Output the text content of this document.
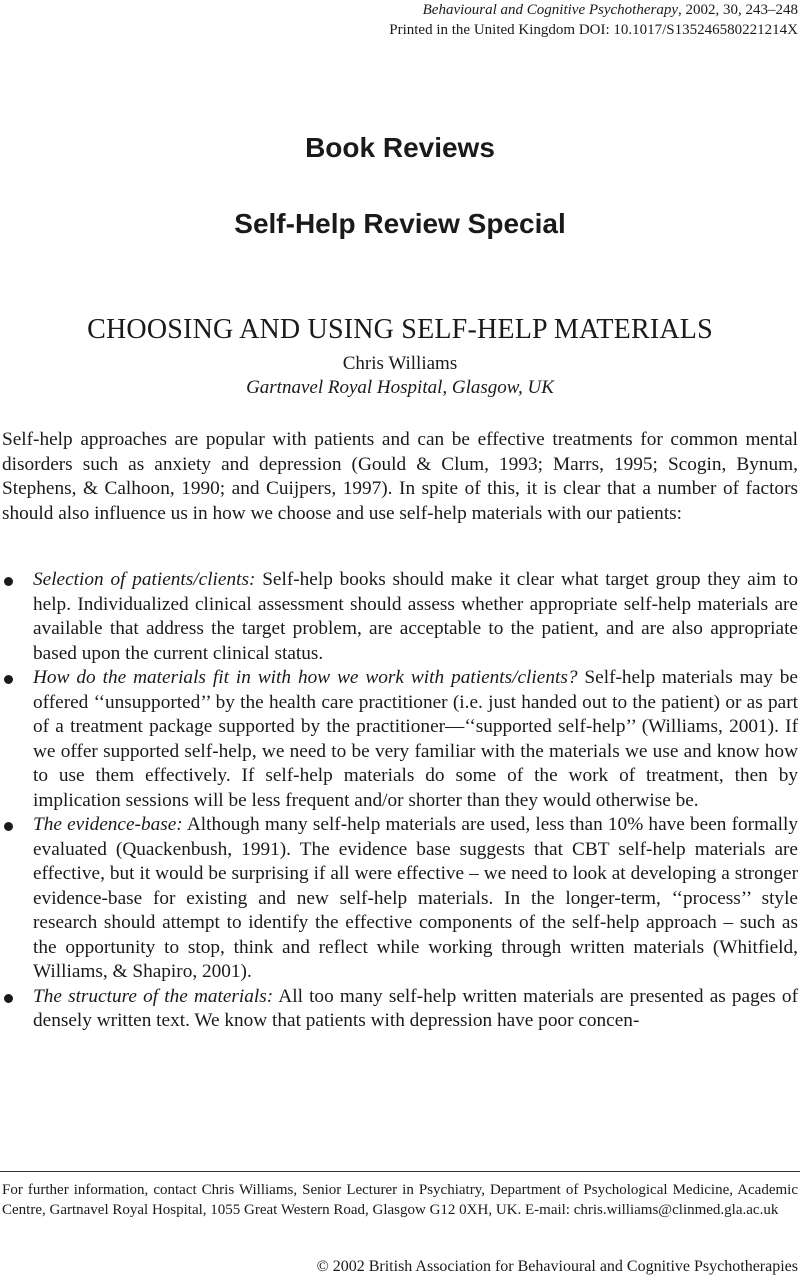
Behavioural and Cognitive Psychotherapy, 2002, 30, 243–248
Printed in the United Kingdom DOI: 10.1017/S135246580221214X
Book Reviews
Self-Help Review Special
CHOOSING AND USING SELF-HELP MATERIALS
Chris Williams
Gartnavel Royal Hospital, Glasgow, UK

Self-help approaches are popular with patients and can be effective treatments for common mental disorders such as anxiety and depression (Gould & Clum, 1993; Marrs, 1995; Scogin, Bynum, Stephens, & Calhoon, 1990; and Cuijpers, 1997). In spite of this, it is clear that a number of factors should also influence us in how we choose and use self-help materials with our patients:

Selection of patients/clients: Self-help books should make it clear what target group they aim to help. Individualized clinical assessment should assess whether appropriate self-help materials are available that address the target problem, are acceptable to the patient, and are also appropriate based upon the current clinical status.
How do the materials fit in with how we work with patients/clients? Self-help materials may be offered ‘‘unsupported’’ by the health care practitioner (i.e. just handed out to the patient) or as part of a treatment package supported by the practitioner—‘‘supported self-help’’ (Williams, 2001). If we offer supported self-help, we need to be very familiar with the materials we use and know how to use them effectively. If self-help materials do some of the work of treatment, then by implication sessions will be less frequent and/or shorter than they would otherwise be.
The evidence-base: Although many self-help materials are used, less than 10% have been formally evaluated (Quackenbush, 1991). The evidence base suggests that CBT self-help materials are effective, but it would be surprising if all were effective – we need to look at developing a stronger evidence-base for existing and new self-help materials. In the longer-term, ‘‘process’’ style research should attempt to identify the effective components of the self-help approach – such as the opportunity to stop, think and reflect while working through written materials (Whitfield, Williams, & Shapiro, 2001).
The structure of the materials: All too many self-help written materials are presented as pages of densely written text. We know that patients with depression have poor concen-

For further information, contact Chris Williams, Senior Lecturer in Psychiatry, Department of Psychological Medicine, Academic Centre, Gartnavel Royal Hospital, 1055 Great Western Road, Glasgow G12 0XH, UK. E-mail: chris.williams@clinmed.gla.ac.uk

© 2002 British Association for Behavioural and Cognitive Psychotherapies
